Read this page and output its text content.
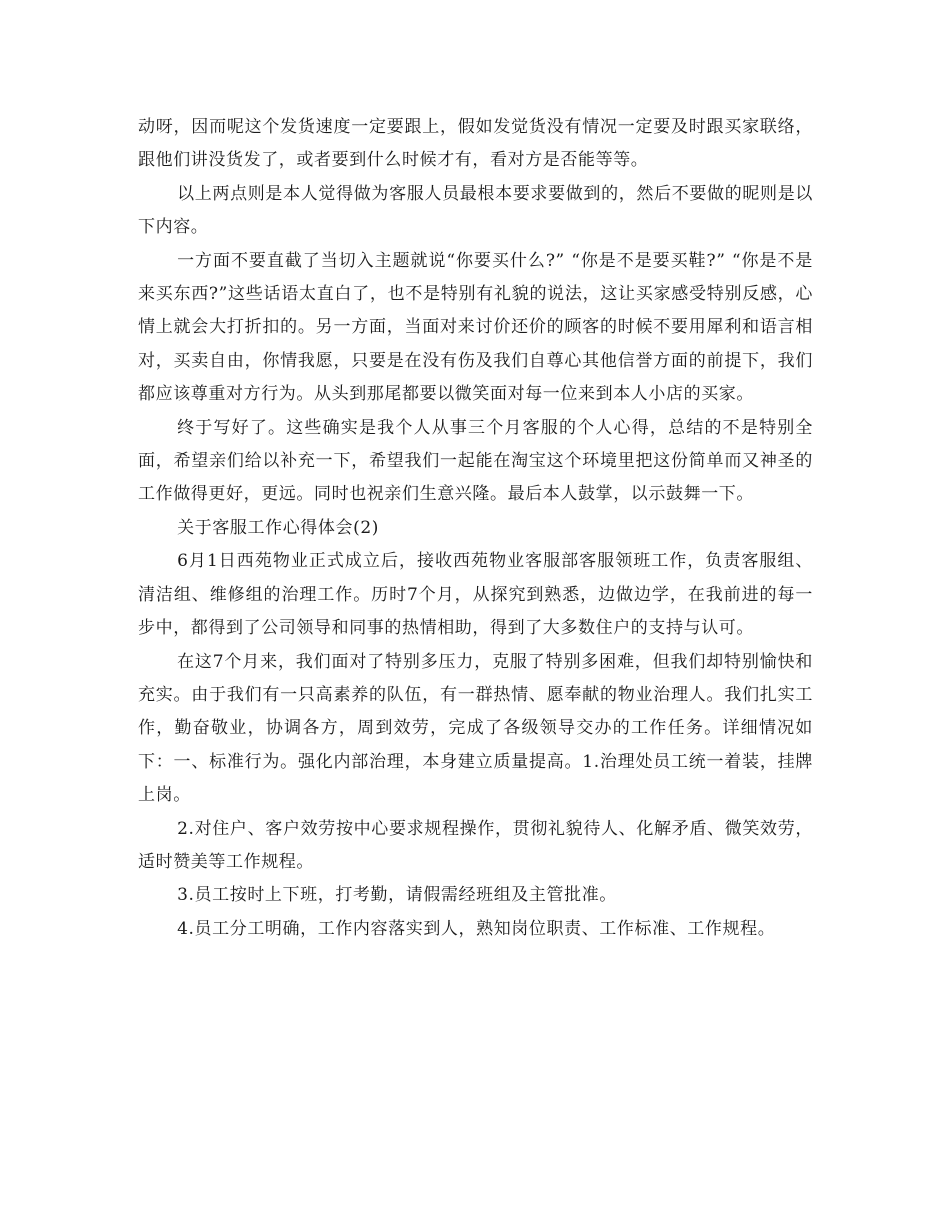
动呀，因而呢这个发货速度一定要跟上，假如发觉货没有情况一定要及时跟买家联络，跟他们讲没货发了，或者要到什么时候才有，看对方是否能等等。

以上两点则是本人觉得做为客服人员最根本要求要做到的，然后不要做的昵则是以下内容。

一方面不要直截了当切入主题就说“你要买什么?” “你是不是要买鞋?” “你是不是来买东西?”这些话语太直白了，也不是特别有礼貌的说法，这让买家感受特别反感，心情上就会大打折扣的。另一方面，当面对来讨价还价的顾客的时候不要用犀利和语言相对，买卖自由，你情我愿，只要是在没有伤及我们自尊心其他信誉方面的前提下，我们都应该尊重对方行为。从头到那尾都要以微笑面对每一位来到本人小店的买家。

终于写好了。这些确实是我个人从事三个月客服的个人心得，总结的不是特别全面，希望亲们给以补充一下，希望我们一起能在淘宝这个环境里把这份简单而又神圣的工作做得更好，更远。同时也祝亲们生意兴隆。最后本人鼓掌，以示鼓舞一下。

关于客服工作心得体会(2)

6月1日西苑物业正式成立后，接收西苑物业客服部客服领班工作，负责客服组、清洁组、维修组的治理工作。历时7个月，从探究到熟悉，边做边学，在我前进的每一步中，都得到了公司领导和同事的热情相助，得到了大多数住户的支持与认可。

在这7个月来，我们面对了特别多压力，克服了特别多困难，但我们却特别愉快和充实。由于我们有一只高素养的队伍，有一群热情、愿奉献的物业治理人。我们扎实工作，勤奋敬业，协调各方，周到效劳，完成了各级领导交办的工作任务。详细情况如下：一、标准行为。强化内部治理，本身建立质量提高。1.治理处员工统一着装，挂牌上岗。

2.对住户、客户效劳按中心要求规程操作，贯彻礼貌待人、化解矛盾、微笑效劳，适时赞美等工作规程。

3.员工按时上下班，打考勤，请假需经班组及主管批准。

4.员工分工明确，工作内容落实到人，熟知岗位职责、工作标准、工作规程。
